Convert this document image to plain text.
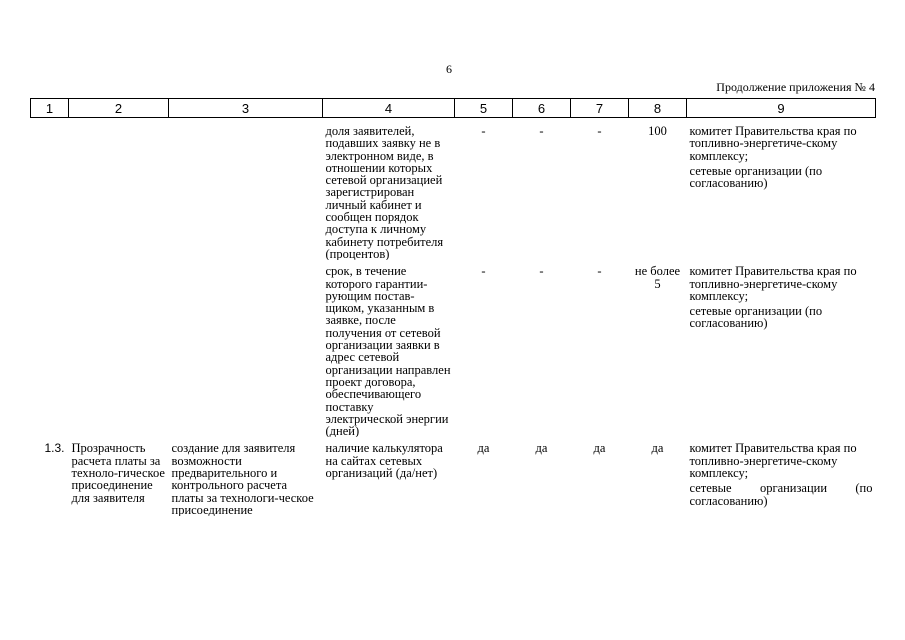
6
Продолжение приложения № 4
1	2	3	4	5	6	7	8	9
			доля заявителей, подавших заявку не в электронном виде, в отношении которых сетевой организацией зарегистрирован личный кабинет и сообщен порядок доступа к личному кабинету потребителя (процентов)	-	-	-	100	комитет Правительства края по топливно-энергетиче-скому комплексу;
сетевые организации (по согласованию)

			срок, в течение которого гарантии-рующим постав-щиком, указанным в заявке, после получения от сетевой организации заявки в адрес сетевой организации направлен проект договора, обеспечивающего поставку электрической энергии (дней)	-	-	-	не более 5	комитет Правительства края по топливно-энергетиче-скому комплексу;
сетевые организации (по согласованию)

1.3.	Прозрачность расчета платы за техноло-гическое присоединение для заявителя	создание для заявителя возможности предварительного и контрольного расчета платы за технологи-ческое присоединение	наличие калькулятора на сайтах сетевых организаций (да/нет)	да	да	да	да	комитет Правительства края по топливно-энергетиче-скому комплексу;
сетевые организации (по согласованию)
